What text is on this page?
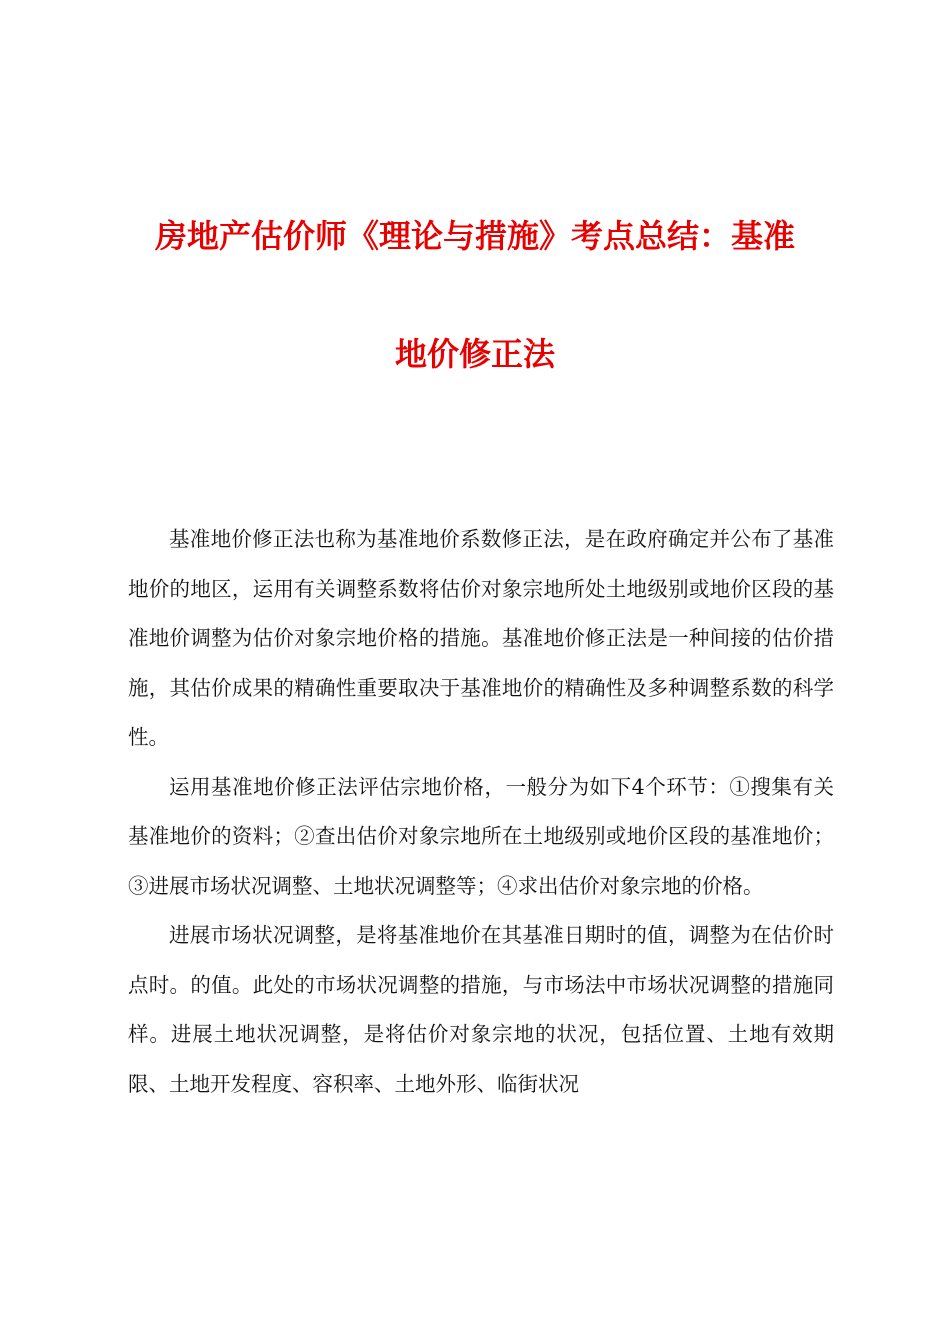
房地产估价师《理论与措施》考点总结：基准
地价修正法

基准地价修正法也称为基准地价系数修正法，是在政府确定并公布了基准地价的地区，运用有关调整系数将估价对象宗地所处土地级别或地价区段的基准地价调整为估价对象宗地价格的措施。基准地价修正法是一种间接的估价措施，其估价成果的精确性重要取决于基准地价的精确性及多种调整系数的科学性。

运用基准地价修正法评估宗地价格，一般分为如下4个环节：①搜集有关基准地价的资料；②查出估价对象宗地所在土地级别或地价区段的基准地价；③进展市场状况调整、土地状况调整等；④求出估价对象宗地的价格。

进展市场状况调整，是将基准地价在其基准日期时的值，调整为在估价时点时。的值。此处的市场状况调整的措施，与市场法中市场状况调整的措施同样。进展土地状况调整，是将估价对象宗地的状况，包括位置、土地有效期限、土地开发程度、容积率、土地外形、临街状况
